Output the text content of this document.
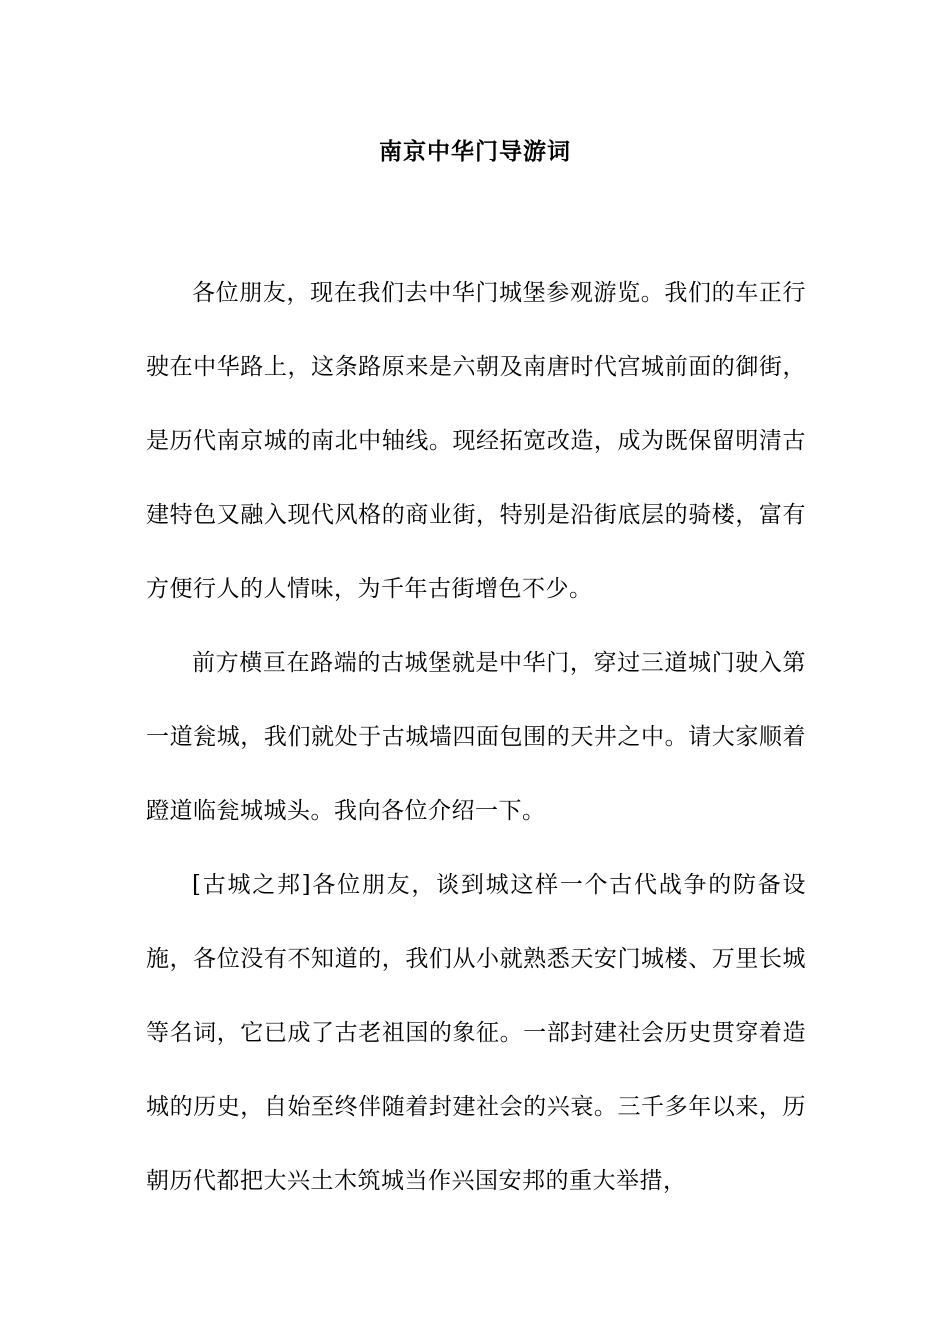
南京中华门导游词

各位朋友，现在我们去中华门城堡参观游览。我们的车正行驶在中华路上，这条路原来是六朝及南唐时代宫城前面的御街，是历代南京城的南北中轴线。现经拓宽改造，成为既保留明清古建特色又融入现代风格的商业街，特别是沿街底层的骑楼，富有方便行人的人情味，为千年古街增色不少。

前方横亘在路端的古城堡就是中华门，穿过三道城门驶入第一道瓮城，我们就处于古城墙四面包围的天井之中。请大家顺着蹬道临瓮城城头。我向各位介绍一下。

[古城之邦]各位朋友，谈到城这样一个古代战争的防备设施，各位没有不知道的，我们从小就熟悉天安门城楼、万里长城等名词，它已成了古老祖国的象征。一部封建社会历史贯穿着造城的历史，自始至终伴随着封建社会的兴衰。三千多年以来，历朝历代都把大兴土木筑城当作兴国安邦的重大举措，
